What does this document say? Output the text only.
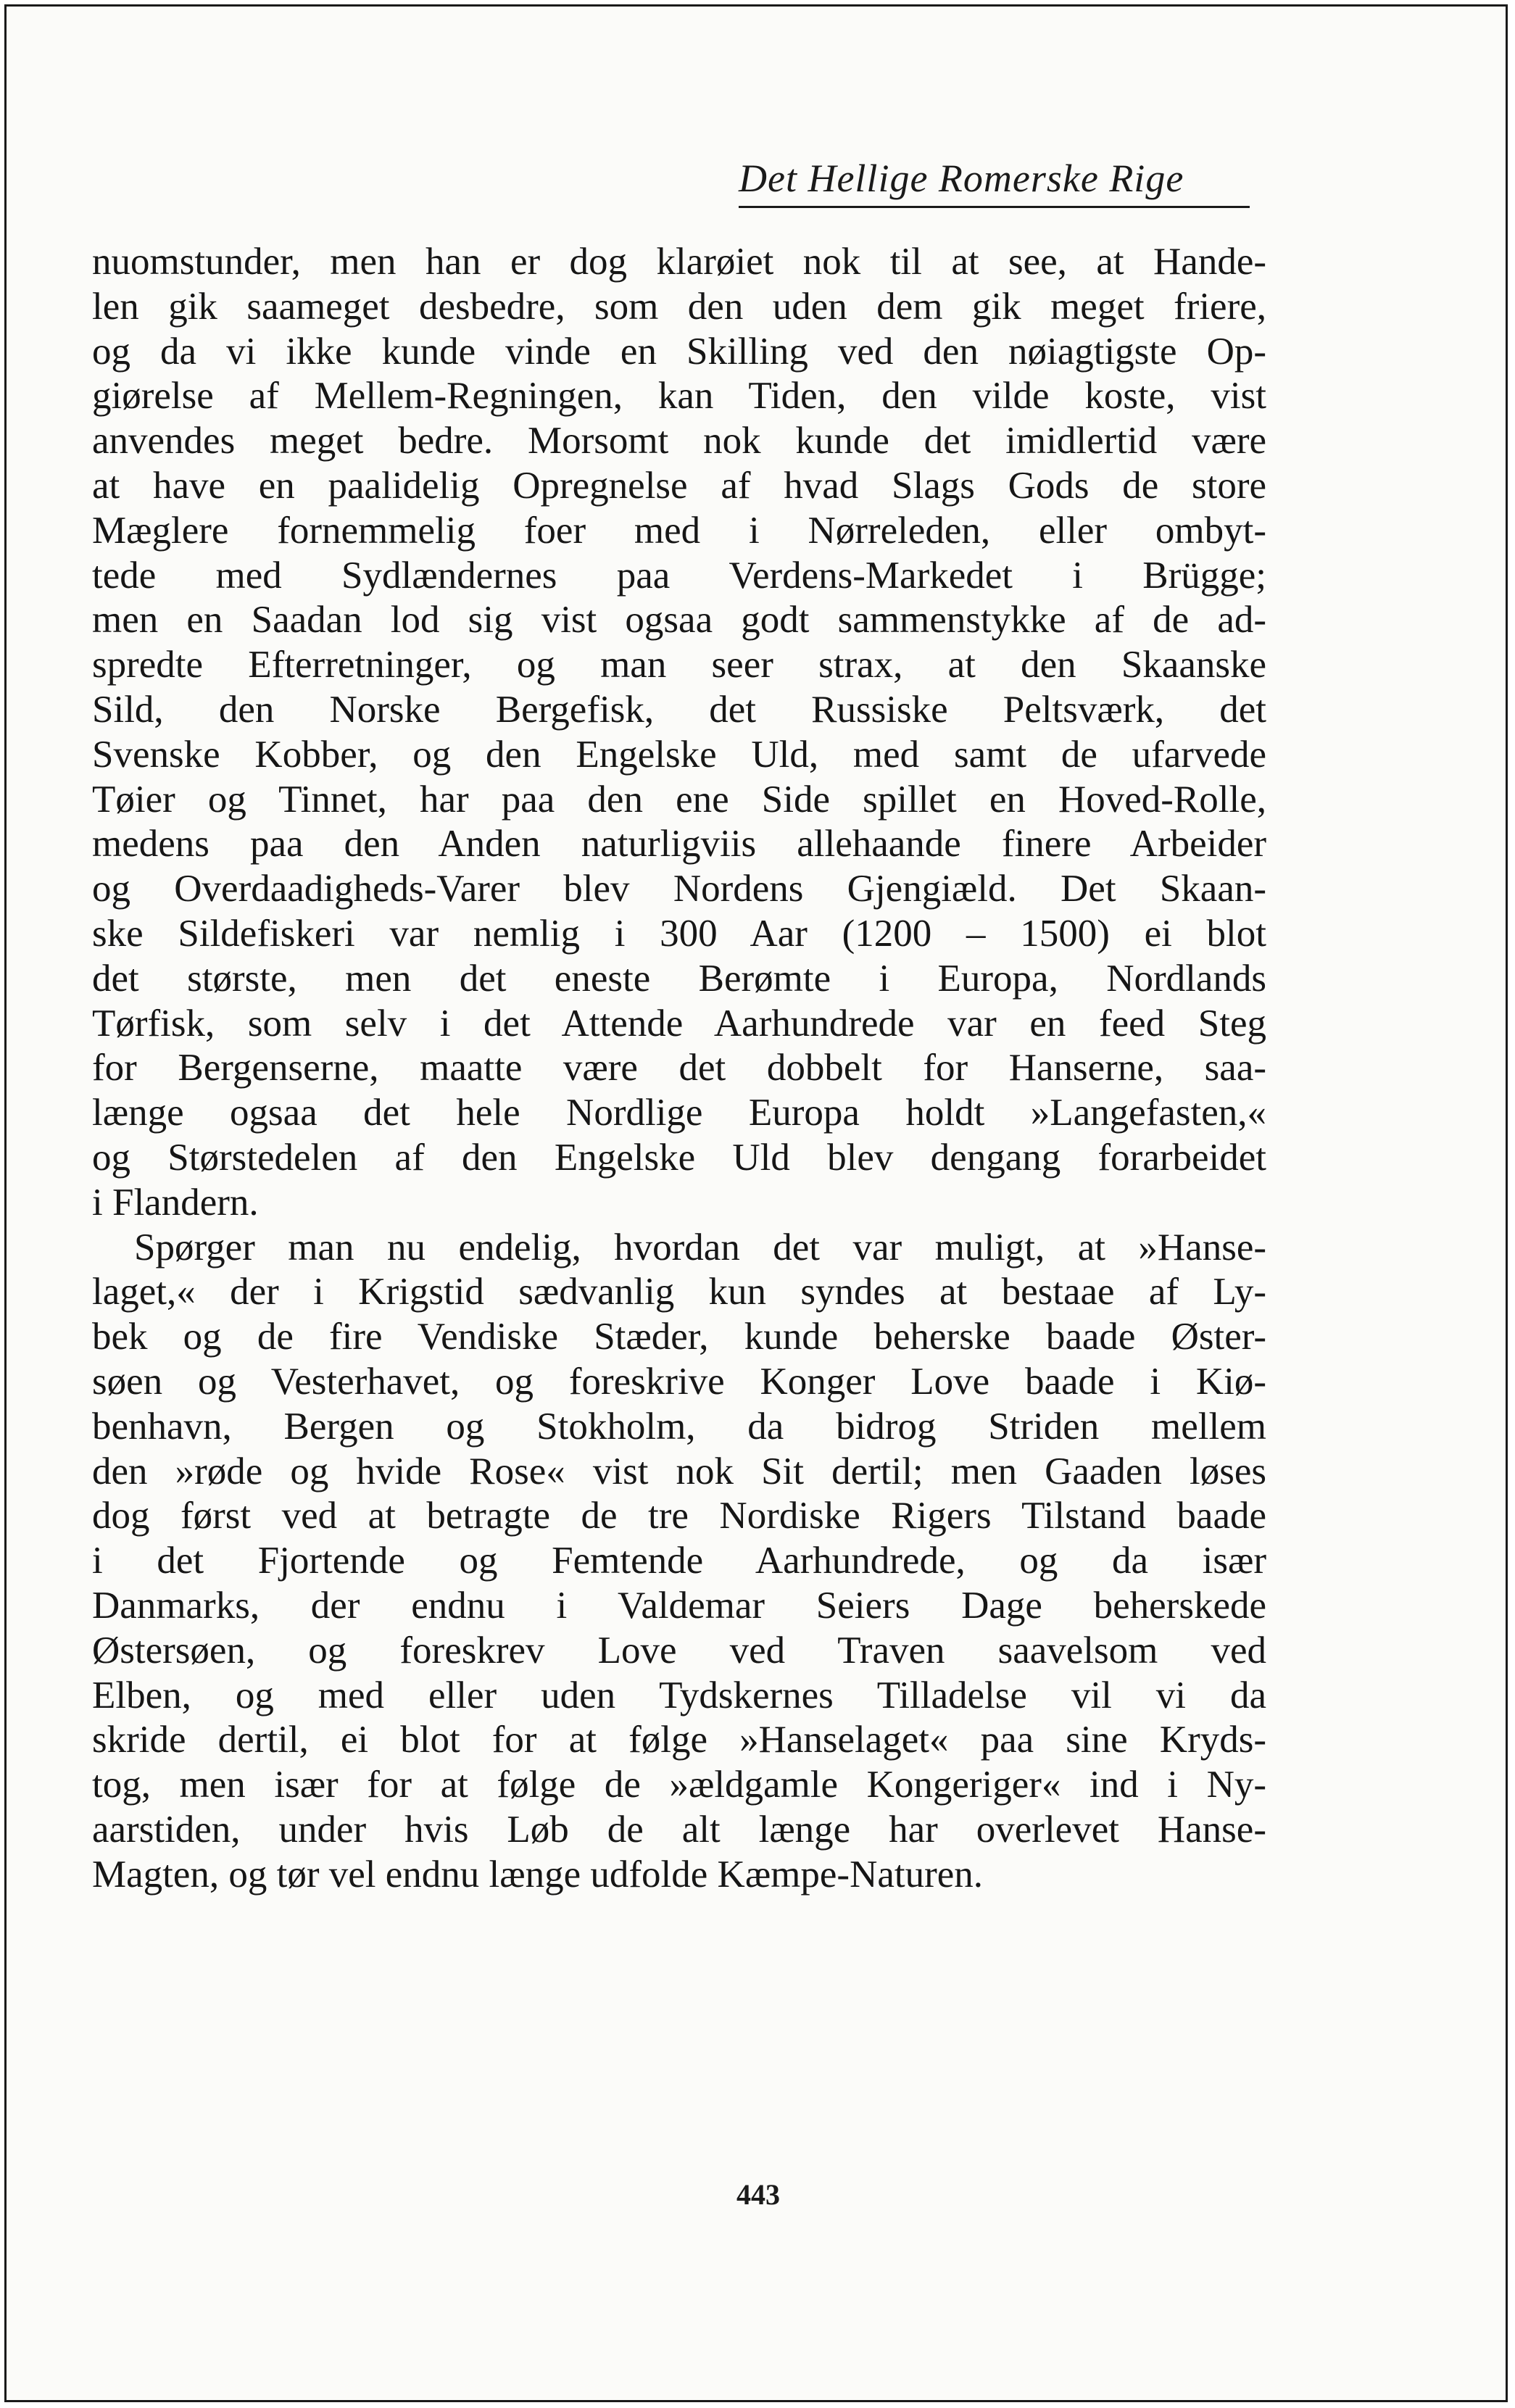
Det Hellige Romerske Rige
nuomstunder, men han er dog klarøiet nok til at see, at Hande-
len gik saameget desbedre, som den uden dem gik meget friere,
og da vi ikke kunde vinde en Skilling ved den nøiagtigste Op-
giørelse af Mellem-Regningen, kan Tiden, den vilde koste, vist
anvendes meget bedre. Morsomt nok kunde det imidlertid være
at have en paalidelig Opregnelse af hvad Slags Gods de store
Mæglere fornemmelig foer med i Nørreleden, eller ombyt-
tede med Sydlændernes paa Verdens-Markedet i Brügge;
men en Saadan lod sig vist ogsaa godt sammenstykke af de ad-
spredte Efterretninger, og man seer strax, at den Skaanske
Sild, den Norske Bergefisk, det Russiske Peltsværk, det
Svenske Kobber, og den Engelske Uld, med samt de ufarvede
Tøier og Tinnet, har paa den ene Side spillet en Hoved-Rolle,
medens paa den Anden naturligviis allehaande finere Arbeider
og Overdaadigheds-Varer blev Nordens Gjengiæld. Det Skaan-
ske Sildefiskeri var nemlig i 300 Aar (1200 – 1500) ei blot
det største, men det eneste Berømte i Europa, Nordlands
Tørfisk, som selv i det Attende Aarhundrede var en feed Steg
for Bergenserne, maatte være det dobbelt for Hanserne, saa-
længe ogsaa det hele Nordlige Europa holdt »Langefasten,«
og Størstedelen af den Engelske Uld blev dengang forarbeidet
i Flandern.
Spørger man nu endelig, hvordan det var muligt, at »Hanse-
laget,« der i Krigstid sædvanlig kun syndes at bestaae af Ly-
bek og de fire Vendiske Stæder, kunde beherske baade Øster-
søen og Vesterhavet, og foreskrive Konger Love baade i Kiø-
benhavn, Bergen og Stokholm, da bidrog Striden mellem
den »røde og hvide Rose« vist nok Sit dertil; men Gaaden løses
dog først ved at betragte de tre Nordiske Rigers Tilstand baade
i det Fjortende og Femtende Aarhundrede, og da især
Danmarks, der endnu i Valdemar Seiers Dage beherskede
Østersøen, og foreskrev Love ved Traven saavelsom ved
Elben, og med eller uden Tydskernes Tilladelse vil vi da
skride dertil, ei blot for at følge »Hanselaget« paa sine Kryds-
tog, men især for at følge de »ældgamle Kongeriger« ind i Ny-
aarstiden, under hvis Løb de alt længe har overlevet Hanse-
Magten, og tør vel endnu længe udfolde Kæmpe-Naturen.
443
